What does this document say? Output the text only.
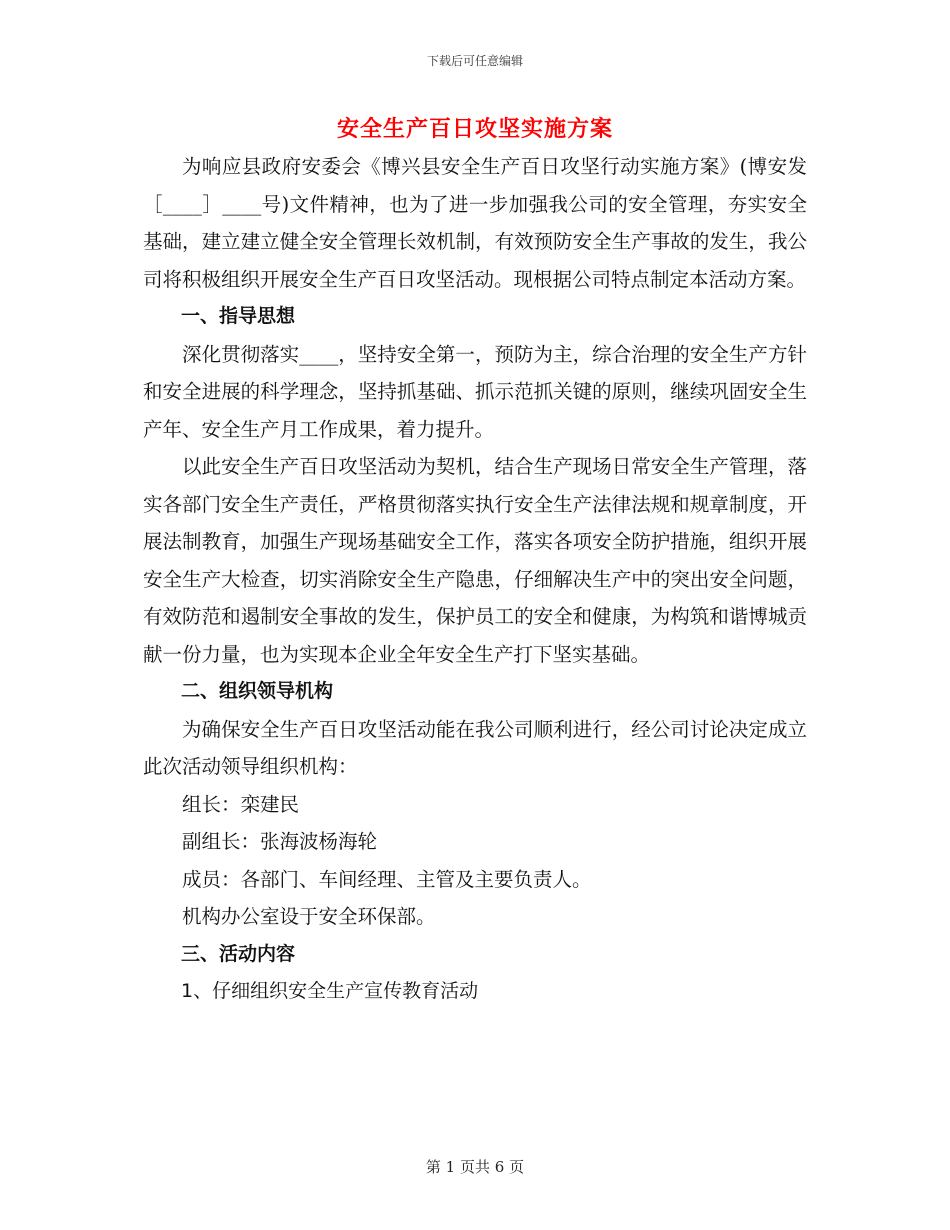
下载后可任意编辑
安全生产百日攻坚实施方案

为响应县政府安委会《博兴县安全生产百日攻坚行动实施方案》(博安发［____］____号)文件精神，也为了进一步加强我公司的安全管理，夯实安全基础，建立建立健全安全管理长效机制，有效预防安全生产事故的发生，我公司将积极组织开展安全生产百日攻坚活动。现根据公司特点制定本活动方案。

一、指导思想

深化贯彻落实____，坚持安全第一，预防为主，综合治理的安全生产方针和安全进展的科学理念，坚持抓基础、抓示范抓关键的原则，继续巩固安全生产年、安全生产月工作成果，着力提升。

以此安全生产百日攻坚活动为契机，结合生产现场日常安全生产管理，落实各部门安全生产责任，严格贯彻落实执行安全生产法律法规和规章制度，开展法制教育，加强生产现场基础安全工作，落实各项安全防护措施，组织开展安全生产大检查，切实消除安全生产隐患，仔细解决生产中的突出安全问题，有效防范和遏制安全事故的发生，保护员工的安全和健康，为构筑和谐博城贡献一份力量，也为实现本企业全年安全生产打下坚实基础。

二、组织领导机构

为确保安全生产百日攻坚活动能在我公司顺利进行，经公司讨论决定成立此次活动领导组织机构：

组长：栾建民

副组长：张海波杨海轮

成员：各部门、车间经理、主管及主要负责人。

机构办公室设于安全环保部。

三、活动内容

1、仔细组织安全生产宣传教育活动

第 1 页共 6 页
